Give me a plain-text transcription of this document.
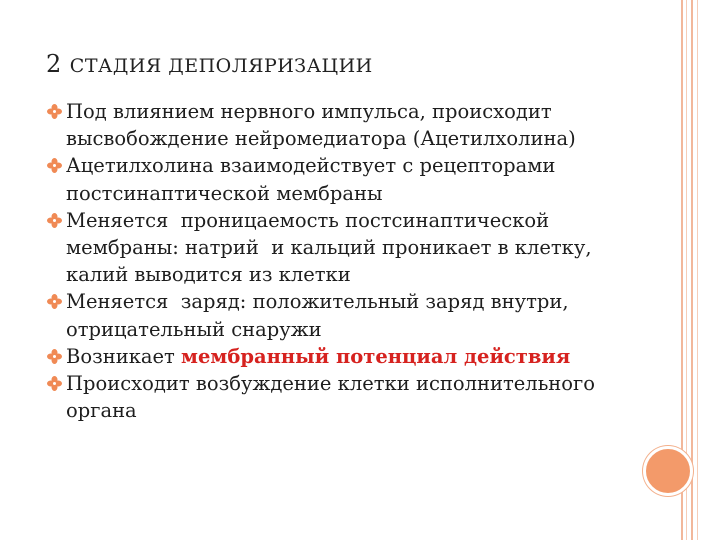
2 СТАДИЯ ДЕПОЛЯРИЗАЦИИ
Под влиянием нервного импульса, происходит высвобождение нейромедиатора (Ацетилхолина)
Ацетилхолина взаимодействует с рецепторами постсинаптической мембраны
Меняется  проницаемость постсинаптической мембраны: натрий  и кальций проникает в клетку, калий выводится из клетки
Меняется  заряд: положительный заряд внутри, отрицательный снаружи
Возникает мембранный потенциал действия
Происходит возбуждение клетки исполнительного органа
